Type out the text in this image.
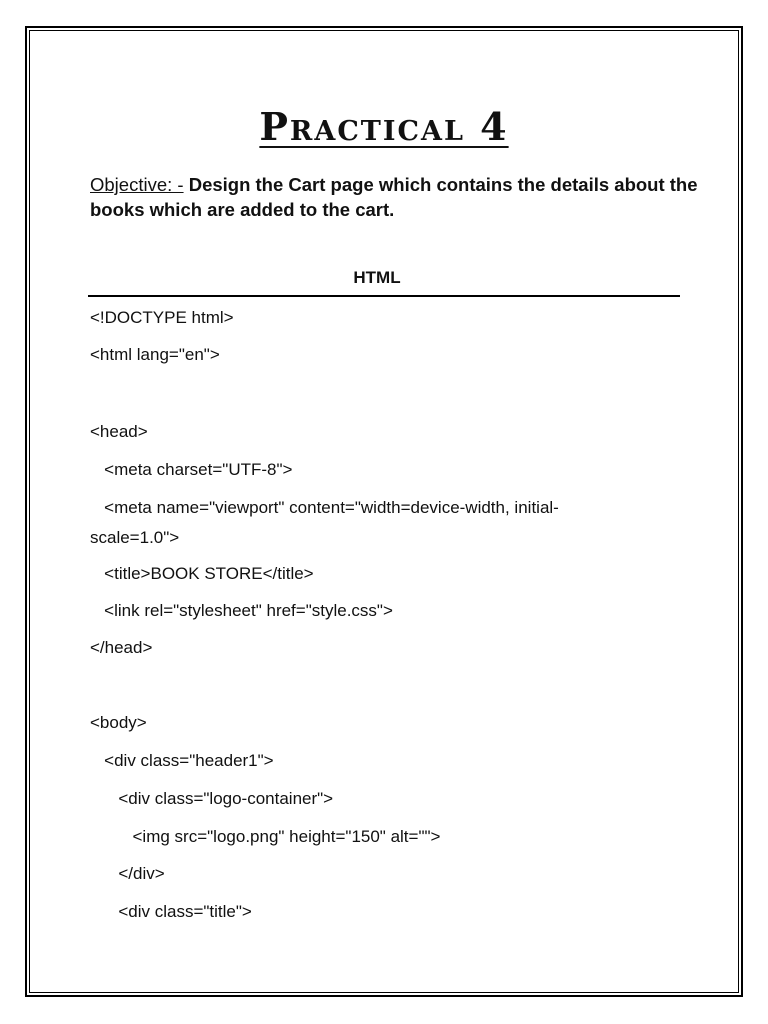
Practical 4
Objective: - Design the Cart page which contains the details about the books which are added to the cart.
HTML
<!DOCTYPE html>
<html lang="en">
<head>
<meta charset="UTF-8">
<meta name="viewport" content="width=device-width, initial-
scale=1.0">
<title>BOOK STORE</title>
<link rel="stylesheet" href="style.css">
</head>
<body>
<div class="header1">
<div class="logo-container">
<img src="logo.png" height="150" alt="">
</div>
<div class="title">
